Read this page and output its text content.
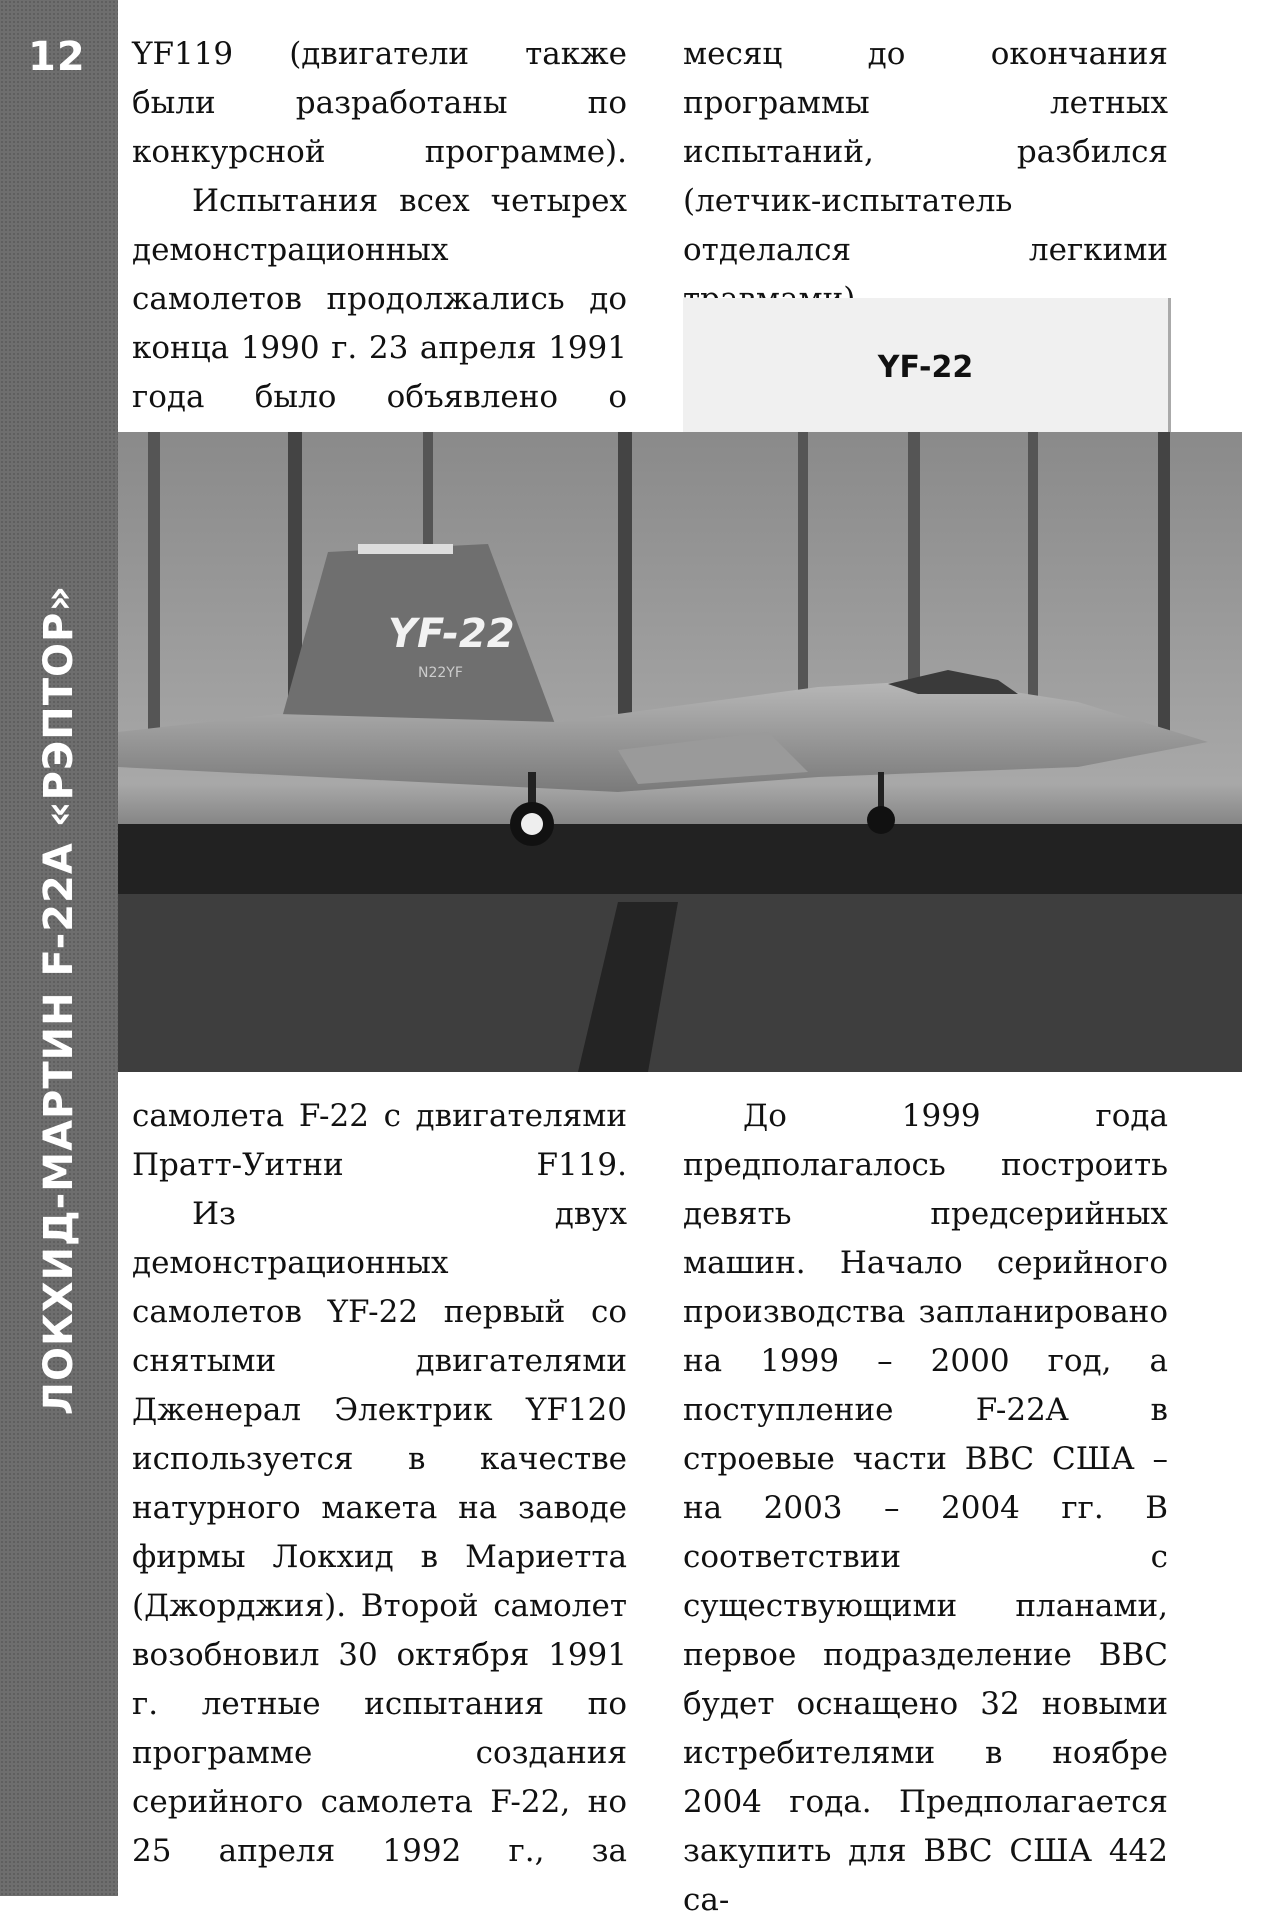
12
ЛОКХИД-МАРТИН F-22A «РЭПТОР»

YF119 (двигатели также были разработаны по конкурсной программе).

Испытания всех четырех демонстрационных самолетов продолжались до конца 1990 г. 23 апреля 1991 года было объявлено о

месяц до окончания программы летных испытаний, разбился (летчик-испытатель отделался легкими

YF-22
YF-22
N22YF

самолета F-22 с двигателями Пратт-Уитни F119.

Из двух демонстрационных самолетов YF-22 первый со снятыми двигателями Дженерал Электрик YF120 используется в качестве натурного макета на заводе фирмы Локхид в Мариетта (Джорджия). Второй самолет возобновил 30 октября 1991 г. летные испытания по программе создания серийного самолета F-22, но 25 апреля 1992 г., за

До 1999 года предполагалось построить девять предсерийных машин. Начало серийного производства запланировано на 1999 – 2000 год, а поступление F-22A в строевые части ВВС США – на 2003 – 2004 гг. В соответствии с существующими планами, первое подразделение ВВС будет оснащено 32 новыми истребителями в ноябре 2004 года. Предполагается закупить для ВВС США 442 са-
